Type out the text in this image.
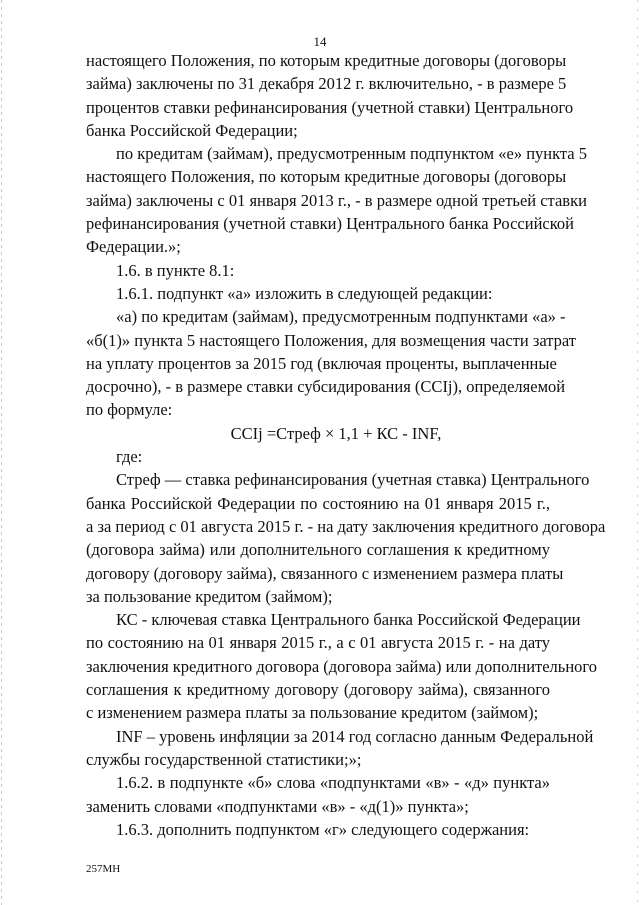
14
настоящего Положения, по которым кредитные договоры (договоры
займа) заключены по 31 декабря 2012 г. включительно, - в размере 5
процентов ставки рефинансирования (учетной ставки) Центрального
банка Российской Федерации;
по кредитам (займам), предусмотренным подпунктом «е» пункта 5
настоящего Положения, по которым кредитные договоры (договоры
займа) заключены с 01 января 2013 г., - в размере одной третьей ставки
рефинансирования (учетной ставки) Центрального банка Российской
Федерации.»;
1.6. в пункте 8.1:
1.6.1. подпункт «а» изложить в следующей редакции:
«а) по кредитам (займам), предусмотренным подпунктами «а» -
«б(1)» пункта 5 настоящего Положения, для возмещения части затрат
на уплату процентов за 2015 год (включая проценты, выплаченные
досрочно), - в размере ставки субсидирования (CCIj), определяемой
по формуле:
CCIj =Стреф × 1,1 + КС - INF,
где:
Стреф — ставка рефинансирования (учетная ставка) Центрального
банка Российской Федерации по состоянию на 01 января 2015 г.,
а за период с 01 августа 2015 г. - на дату заключения кредитного договора
(договора займа) или дополнительного соглашения к кредитному
договору (договору займа), связанного с изменением размера платы
за пользование кредитом (займом);
КС - ключевая ставка Центрального банка Российской Федерации
по состоянию на 01 января 2015 г., а с 01 августа 2015 г. - на дату
заключения кредитного договора (договора займа) или дополнительного
соглашения к кредитному договору (договору займа), связанного
с изменением размера платы за пользование кредитом (займом);
INF – уровень инфляции за 2014 год согласно данным Федеральной
службы государственной статистики;»;
1.6.2. в подпункте «б» слова «подпунктами «в» - «д» пункта»
заменить словами «подпунктами «в» - «д(1)» пункта»;
1.6.3. дополнить подпунктом «г» следующего содержания:
257МН
